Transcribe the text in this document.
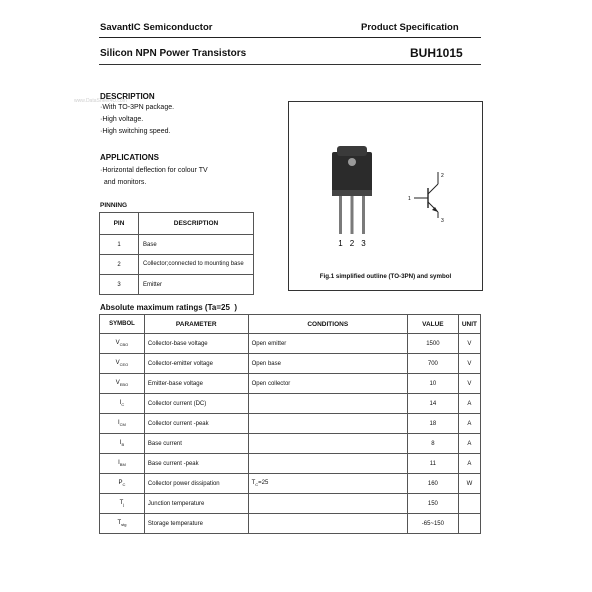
SavantIC Semiconductor	Product Specification
Silicon NPN Power Transistors	BUH1015
www.DataSheet4U.com
DESCRIPTION
·With TO-3PN package.
·High voltage.
·High switching speed.
APPLICATIONS
·Horizontal deflection for colour TV
and monitors.
PINNING
PIN	DESCRIPTION
1	Base
2	Collector;connected to mounting base
3	Emitter
1 2 3
1
2
3
Fig.1 simplified outline (TO-3PN) and symbol
Absolute maximum ratings (Ta=25  )
SYMBOL	PARAMETER	CONDITIONS	VALUE	UNIT
$V_{CBO}$	Collector-base voltage	Open emitter	1500	V
$V_{CEO}$	Collector-emitter voltage	Open base	700	V
$V_{EBO}$	Emitter-base voltage	Open collector	10	V
$I_C$	Collector current (DC)		14	A
$I_{CM}$	Collector current -peak		18	A
$I_B$	Base current		8	A
$I_{BM}$	Base current -peak		11	A
$P_C$	Collector power dissipation	$T_C=25$	160	W
$T_j$	Junction temperature		150	
$T_{stg}$	Storage temperature		-65~150	
